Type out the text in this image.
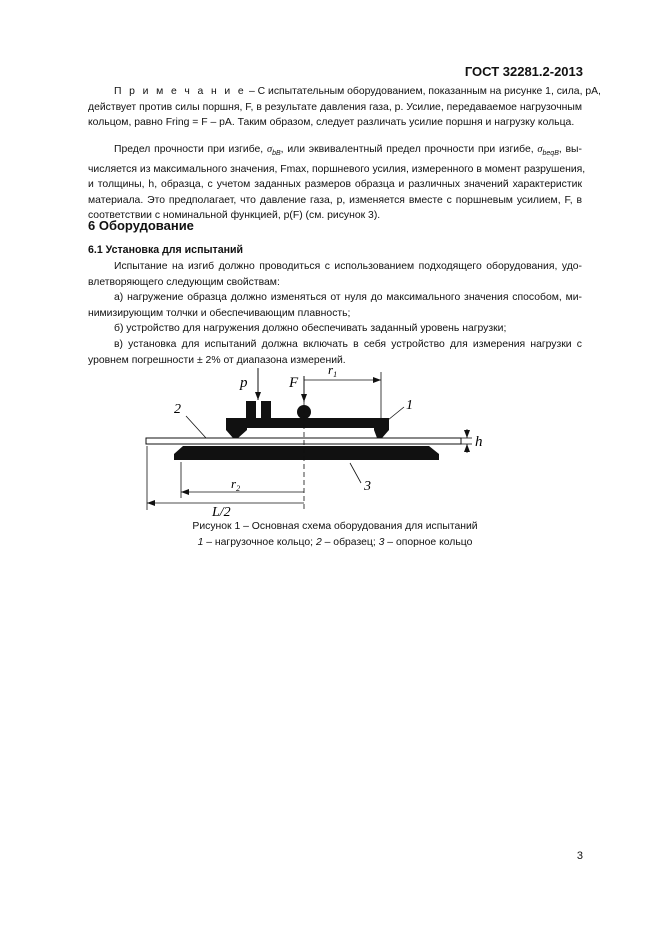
ГОСТ 32281.2-2013
П р и м е ч а н и е – С испытательным оборудованием, показанным на рисунке 1, сила, pA,
действует против силы поршня, F, в результате давления газа, p. Усилие, передаваемое нагрузочным
кольцом, равно Fring = F – pA. Таким образом, следует различать усилие поршня и нагрузку кольца.
Предел прочности при изгибе, $\sigma_{bB}$, или эквивалентный предел прочности при изгибе, $\sigma_{beqB}$, вы-
числяется из максимального значения, Fmax, поршневого усилия, измеренного в момент разрушения,
и толщины, h, образца, с учетом заданных размеров образца и различных значений характеристик
материала. Это предполагает, что давление газа, p, изменяется вместе с поршневым усилием, F, в
соответствии с номинальной функцией, p(F) (см. рисунок 3).
6 Оборудование
6.1 Установка для испытаний
Испытание на изгиб должно проводиться с использованием подходящего оборудования, удо-
влетворяющего следующим свойствам:
а) нагружение образца должно изменяться от нуля до максимального значения способом, ми-
нимизирующим толчки и обеспечивающим плавность;
б) устройство для нагружения должно обеспечивать заданный уровень нагрузки;
в) установка для испытаний должна включать в себя устройство для измерения нагрузки с
уровнем погрешности ± 2% от диапазона измерений.
p	F
$r_1$
1
2
h
$r_2$	3
L/2
Рисунок 1 – Основная схема оборудования для испытаний
1 – нагрузочное кольцо; 2 – образец; 3 – опорное кольцо
3
